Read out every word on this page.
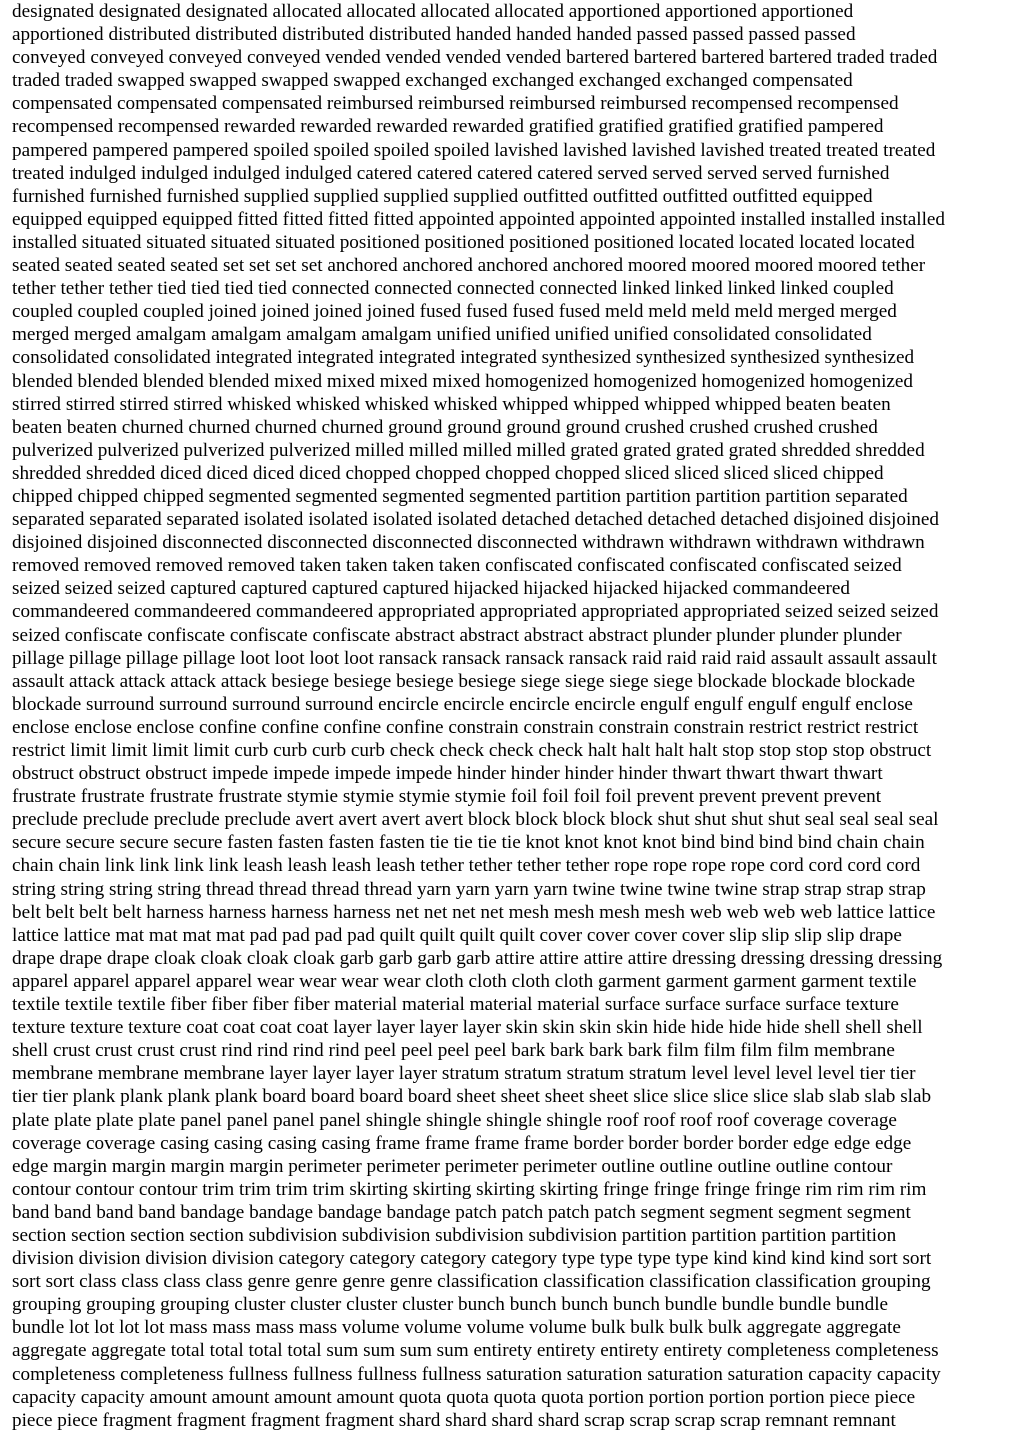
designated designated designated allocated allocated allocated allocated apportioned apportioned apportioned
apportioned distributed distributed distributed distributed handed handed handed passed passed passed passed
conveyed conveyed conveyed conveyed vended vended vended vended bartered bartered bartered bartered traded traded
traded traded swapped swapped swapped swapped exchanged exchanged exchanged exchanged compensated
compensated compensated compensated reimbursed reimbursed reimbursed reimbursed recompensed recompensed
recompensed recompensed rewarded rewarded rewarded rewarded gratified gratified gratified gratified pampered
pampered pampered pampered spoiled spoiled spoiled spoiled lavished lavished lavished lavished treated treated treated
treated indulged indulged indulged indulged catered catered catered catered served served served served furnished
furnished furnished furnished supplied supplied supplied supplied outfitted outfitted outfitted outfitted equipped
equipped equipped equipped fitted fitted fitted fitted appointed appointed appointed appointed installed installed installed
installed situated situated situated situated positioned positioned positioned positioned located located located located
seated seated seated seated set set set set anchored anchored anchored anchored moored moored moored moored tether
tether tether tether tied tied tied tied connected connected connected connected linked linked linked linked coupled
coupled coupled coupled joined joined joined joined fused fused fused fused meld meld meld meld merged merged
merged merged amalgam amalgam amalgam amalgam unified unified unified unified consolidated consolidated
consolidated consolidated integrated integrated integrated integrated synthesized synthesized synthesized synthesized
blended blended blended blended mixed mixed mixed mixed homogenized homogenized homogenized homogenized
stirred stirred stirred stirred whisked whisked whisked whisked whipped whipped whipped whipped beaten beaten
beaten beaten churned churned churned churned ground ground ground ground crushed crushed crushed crushed
pulverized pulverized pulverized pulverized milled milled milled milled grated grated grated grated shredded shredded
shredded shredded diced diced diced diced chopped chopped chopped chopped sliced sliced sliced sliced chipped
chipped chipped chipped segmented segmented segmented segmented partition partition partition partition separated
separated separated separated isolated isolated isolated isolated detached detached detached detached disjoined disjoined
disjoined disjoined disconnected disconnected disconnected disconnected withdrawn withdrawn withdrawn withdrawn
removed removed removed removed taken taken taken taken confiscated confiscated confiscated confiscated seized
seized seized seized captured captured captured captured hijacked hijacked hijacked hijacked commandeered
commandeered commandeered commandeered appropriated appropriated appropriated appropriated seized seized seized
seized confiscate confiscate confiscate confiscate abstract abstract abstract abstract plunder plunder plunder plunder
pillage pillage pillage pillage loot loot loot loot ransack ransack ransack ransack raid raid raid raid assault assault assault
assault attack attack attack attack besiege besiege besiege besiege siege siege siege siege blockade blockade blockade
blockade surround surround surround surround encircle encircle encircle encircle engulf engulf engulf engulf enclose
enclose enclose enclose confine confine confine confine constrain constrain constrain constrain restrict restrict restrict
restrict limit limit limit limit curb curb curb curb check check check check halt halt halt halt stop stop stop stop obstruct
obstruct obstruct obstruct impede impede impede impede hinder hinder hinder hinder thwart thwart thwart thwart
frustrate frustrate frustrate frustrate stymie stymie stymie stymie foil foil foil foil prevent prevent prevent prevent
preclude preclude preclude preclude avert avert avert avert block block block block shut shut shut shut seal seal seal seal
secure secure secure secure fasten fasten fasten fasten tie tie tie tie knot knot knot knot bind bind bind bind chain chain
chain chain link link link link leash leash leash leash tether tether tether tether rope rope rope rope cord cord cord cord
string string string string thread thread thread thread yarn yarn yarn yarn twine twine twine twine strap strap strap strap
belt belt belt belt harness harness harness harness net net net net mesh mesh mesh mesh web web web web lattice lattice
lattice lattice mat mat mat mat pad pad pad pad quilt quilt quilt quilt cover cover cover cover slip slip slip slip drape
drape drape drape cloak cloak cloak cloak garb garb garb garb attire attire attire attire dressing dressing dressing dressing
apparel apparel apparel apparel wear wear wear wear cloth cloth cloth cloth garment garment garment garment textile
textile textile textile fiber fiber fiber fiber material material material material surface surface surface surface texture
texture texture texture coat coat coat coat layer layer layer layer skin skin skin skin hide hide hide hide shell shell shell
shell crust crust crust crust rind rind rind rind peel peel peel peel bark bark bark bark film film film film membrane
membrane membrane membrane layer layer layer layer stratum stratum stratum stratum level level level level tier tier
tier tier plank plank plank plank board board board board sheet sheet sheet sheet slice slice slice slice slab slab slab slab
plate plate plate plate panel panel panel panel shingle shingle shingle shingle roof roof roof roof coverage coverage
coverage coverage casing casing casing casing frame frame frame frame border border border border edge edge edge
edge margin margin margin margin perimeter perimeter perimeter perimeter outline outline outline outline contour
contour contour contour trim trim trim trim skirting skirting skirting skirting fringe fringe fringe fringe rim rim rim rim
band band band band bandage bandage bandage bandage patch patch patch patch segment segment segment segment
section section section section subdivision subdivision subdivision subdivision partition partition partition partition
division division division division category category category category type type type type kind kind kind kind sort sort
sort sort class class class class genre genre genre genre classification classification classification classification grouping
grouping grouping grouping cluster cluster cluster cluster bunch bunch bunch bunch bundle bundle bundle bundle
bundle lot lot lot lot mass mass mass mass volume volume volume volume bulk bulk bulk bulk aggregate aggregate
aggregate aggregate total total total total sum sum sum sum entirety entirety entirety entirety completeness completeness
completeness completeness fullness fullness fullness fullness saturation saturation saturation saturation capacity capacity
capacity capacity amount amount amount amount quota quota quota quota portion portion portion portion piece piece
piece piece fragment fragment fragment fragment shard shard shard shard scrap scrap scrap scrap remnant remnant
